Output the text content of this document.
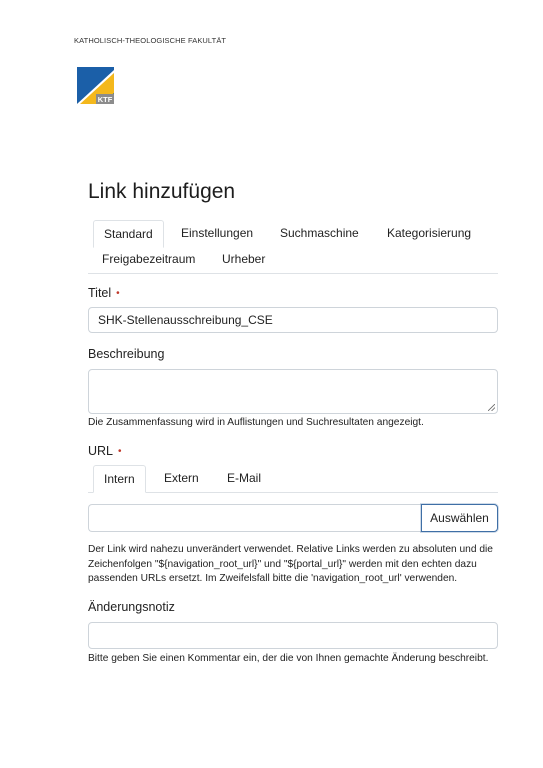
KATHOLISCH-THEOLOGISCHE FAKULTÄT
KTF
Link hinzufügen
Standard	Einstellungen	Suchmaschine	Kategorisierung
Freigabezeitraum	Urheber
Titel •
SHK-Stellenausschreibung_CSE
Beschreibung
Die Zusammenfassung wird in Auflistungen und Suchresultaten angezeigt.
URL •
Intern	Extern	E-Mail
Auswählen
Der Link wird nahezu unverändert verwendet. Relative Links werden zu absoluten und die
Zeichenfolgen "${navigation_root_url}" und "${portal_url}" werden mit den echten dazu
passenden URLs ersetzt. Im Zweifelsfall bitte die 'navigation_root_url' verwenden.
Änderungsnotiz
Bitte geben Sie einen Kommentar ein, der die von Ihnen gemachte Änderung beschreibt.
